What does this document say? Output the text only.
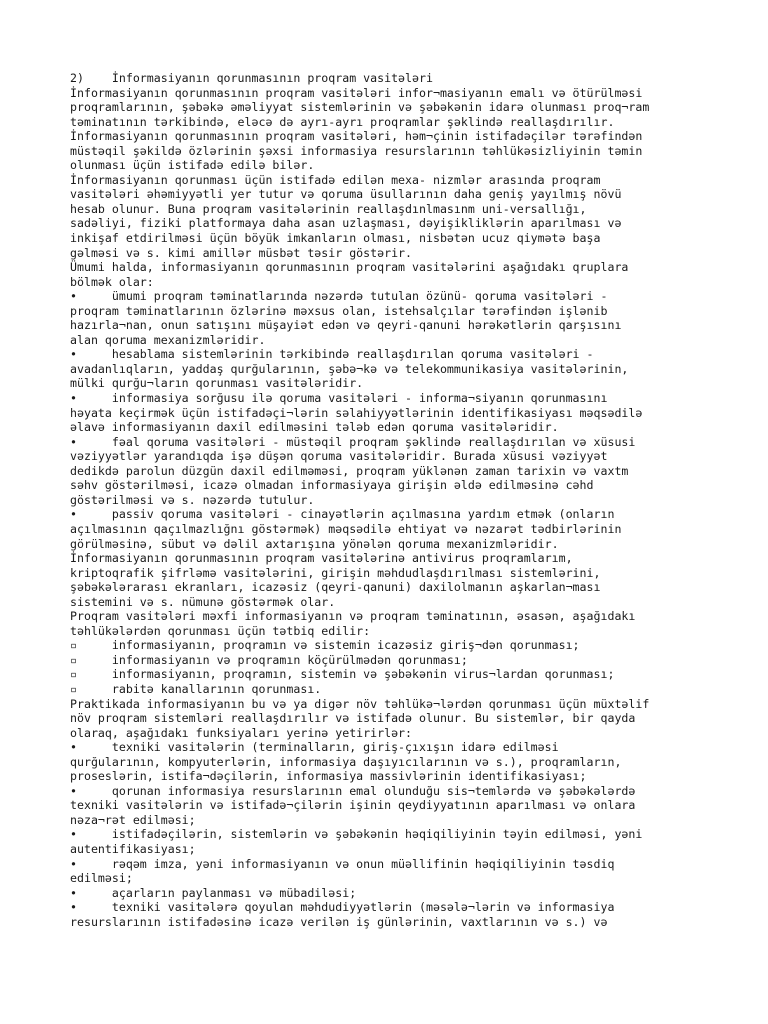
2)    İnformasiyanın qorunmasının proqram vasitələri
İnformasiyanın qorunmasının proqram vasitələri infor¬masiyanın emalı və ötürülməsi
proqramlarının, şəbəkə əməliyyat sistemlərinin və şəbəkənin idarə olunması proq¬ram
təminatının tərkibində, eləcə də ayrı-ayrı proqramlar şəklində reallaşdırılır.
İnformasiyanın qorunmasının proqram vasitələri, həm¬çinin istifadəçilər tərəfindən
müstəqil şəkildə özlərinin şəxsi informasiya resurslarının təhlükəsizliyinin təmin
olunması üçün istifadə edilə bilər.
İnformasiyanın qorunması üçün istifadə edilən mexa- nizmlər arasında proqram
vasitələri əhəmiyyətli yer tutur və qoruma üsullarının daha geniş yayılmış növü
hesab olunur. Buna proqram vasitələrinin reallaşdınlmasınm uni-versallığı,
sadəliyi, fiziki platformaya daha asan uzlaşması, dəyişikliklərin aparılması və
inkişaf etdirilməsi üçün böyük imkanların olması, nisbətən ucuz qiymətə başa
gəlməsi və s. kimi amillər müsbət təsir göstərir.
Ümumi halda, informasiyanın qorunmasının proqram vasitələrini aşağıdakı qruplara
bölmək olar:
•     ümumi proqram təminatlarında nəzərdə tutulan özünü- qoruma vasitələri -
proqram təminatlarının özlərinə məxsus olan, istehsalçılar tərəfindən işlənib
hazırla¬nan, onun satışını müşayiət edən və qeyri-qanuni hərəkətlərin qarşısını
alan qoruma mexanizmləridir.
•     hesablama sistemlərinin tərkibində reallaşdırılan qoruma vasitələri -
avadanlıqların, yaddaş qurğularının, şəbə¬kə və telekommunikasiya vasitələrinin,
mülki qurğu¬ların qorunması vasitələridir.
•     informasiya sorğusu ilə qoruma vasitələri - informa¬siyanın qorunmasını
həyata keçirmək üçün istifadəçi¬lərin səlahiyyətlərinin identifikasiyası məqsədilə
əlavə informasiyanın daxil edilməsini tələb edən qoruma vasitələridir.
•     fəal qoruma vasitələri - müstəqil proqram şəklində reallaşdırılan və xüsusi
vəziyyətlər yarandıqda işə düşən qoruma vasitələridir. Burada xüsusi vəziyyət
dedikdə parolun düzgün daxil edilməməsi, proqram yüklənən zaman tarixin və vaxtm
səhv göstərilməsi, icazə olmadan informasiyaya girişin əldə edilməsinə cəhd
göstərilməsi və s. nəzərdə tutulur.
•     passiv qoruma vasitələri - cinayətlərin açılmasına yardım etmək (onların
açılmasının qaçılmazlığnı göstərmək) məqsədilə ehtiyat və nəzarət tədbirlərinin
görülməsinə, sübut və dəlil axtarışına yönələn qoruma mexanizmləridir.
İnformasiyanın qorunmasının proqram vasitələrinə antivirus proqramlarım,
kriptoqrafik şifrləmə vasitələrini, girişin məhdudlaşdırılması sistemlərini,
şəbəkələrarası ekranları, icazəsiz (qeyri-qanuni) daxilolmanın aşkarlan¬ması
sistemini və s. nümunə göstərmək olar.
Proqram vasitələri məxfi informasiyanın və proqram təminatının, əsasən, aşağıdakı
təhlükələrdən qorunması üçün tətbiq edilir:
▫     informasiyanın, proqramın və sistemin icazəsiz giriş¬dən qorunması;
▫     informasiyanın və proqramın köçürülmədən qorunması;
▫     informasiyanın, proqramın, sistemin və şəbəkənin virus¬lardan qorunması;
▫     rabitə kanallarının qorunması.
Praktikada informasiyanın bu və ya digər növ təhlükə¬lərdən qorunması üçün müxtəlif
növ proqram sistemləri reallaşdırılır və istifadə olunur. Bu sistemlər, bir qayda
olaraq, aşağıdakı funksiyaları yerinə yetirirlər:
•     texniki vasitələrin (terminalların, giriş-çıxışın idarə edilməsi
qurğularının, kompyuterlərin, informasiya daşıyıcılarının və s.), proqramların,
proseslərin, istifa¬dəçilərin, informasiya massivlərinin identifikasiyası;
•     qorunan informasiya resurslarının emal olunduğu sis¬temlərdə və şəbəkələrdə
texniki vasitələrin və istifadə¬çilərin işinin qeydiyyatının aparılması və onlara
nəza¬rət edilməsi;
•     istifadəçilərin, sistemlərin və şəbəkənin həqiqiliyinin təyin edilməsi, yəni
autentifikasiyası;
•     rəqəm imza, yəni informasiyanın və onun müəllifinin həqiqiliyinin təsdiq
edilməsi;
•     açarların paylanması və mübadiləsi;
•     texniki vasitələrə qoyulan məhdudiyyətlərin (məsələ¬lərin və informasiya
resurslarının istifadəsinə icazə verilən iş günlərinin, vaxtlarının və s.) və
